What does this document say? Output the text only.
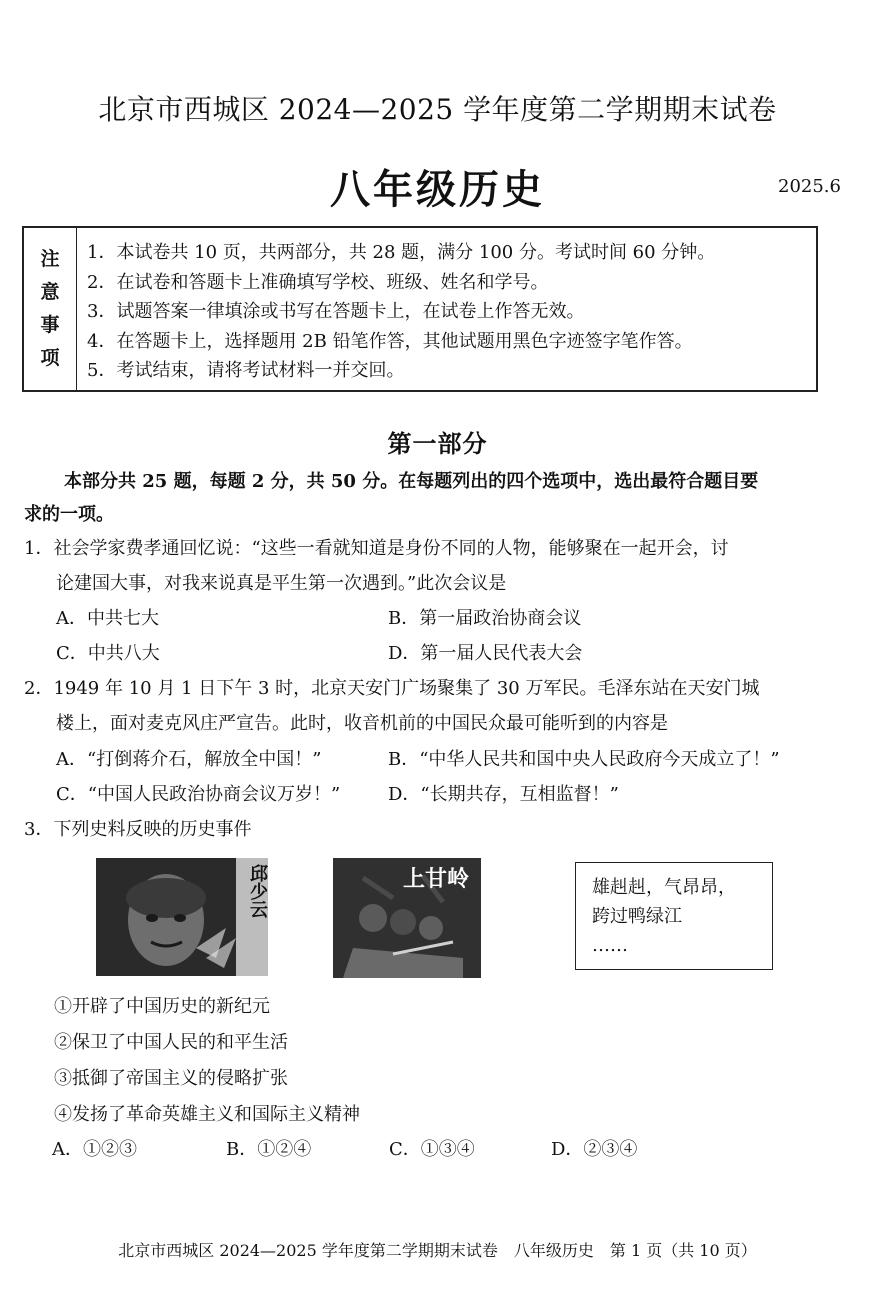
北京市西城区 2024—2025 学年度第二学期期末试卷
八年级历史	2025.6
注
意
事
项
1．本试卷共 10 页，共两部分，共 28 题，满分 100 分。考试时间 60 分钟。
2．在试卷和答题卡上准确填写学校、班级、姓名和学号。
3．试题答案一律填涂或书写在答题卡上，在试卷上作答无效。
4．在答题卡上，选择题用 2B 铅笔作答，其他试题用黑色字迹签字笔作答。
5．考试结束，请将考试材料一并交回。
第一部分
本部分共 25 题，每题 2 分，共 50 分。在每题列出的四个选项中，选出最符合题目要
求的一项。
1．社会学家费孝通回忆说：“这些一看就知道是身份不同的人物，能够聚在一起开会，讨
论建国大事，对我来说真是平生第一次遇到。”此次会议是
A．中共七大	B．第一届政治协商会议
C．中共八大	D．第一届人民代表大会
2．1949 年 10 月 1 日下午 3 时，北京天安门广场聚集了 30 万军民。毛泽东站在天安门城
楼上，面对麦克风庄严宣告。此时，收音机前的中国民众最可能听到的内容是
A．“打倒蒋介石，解放全中国！”	B．“中华人民共和国中央人民政府今天成立了！”
C．“中国人民政治协商会议万岁！”	D．“长期共存，互相监督！”
3．下列史料反映的历史事件
邱少云	上甘岭	雄赳赳，气昂昂，
跨过鸭绿江
……
①开辟了中国历史的新纪元
②保卫了中国人民的和平生活
③抵御了帝国主义的侵略扩张
④发扬了革命英雄主义和国际主义精神
A．①②③	B．①②④	C．①③④	D．②③④
北京市西城区 2024—2025 学年度第二学期期末试卷　八年级历史　第 1 页（共 10 页）
